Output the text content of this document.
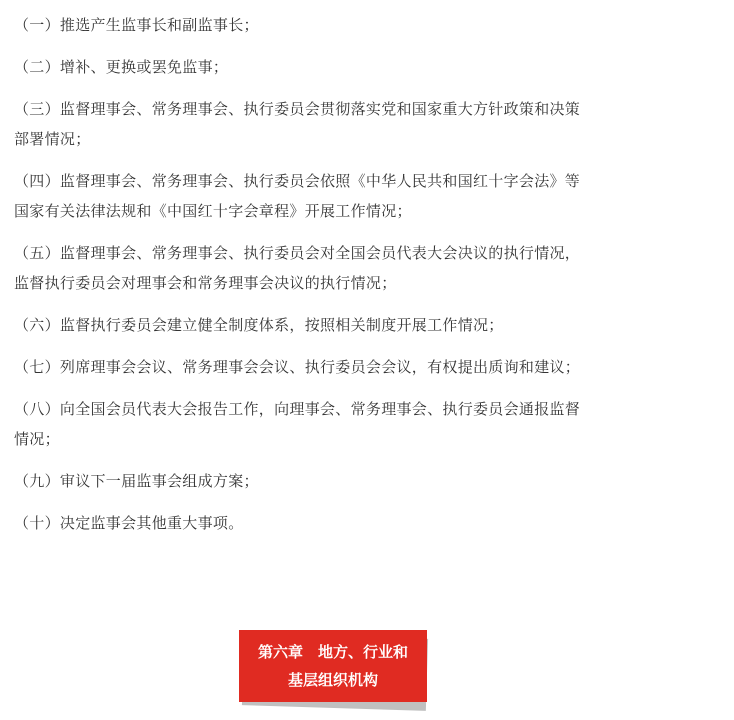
（一）推选产生监事长和副监事长；

（二）增补、更换或罢免监事；

（三）监督理事会、常务理事会、执行委员会贯彻落实党和国家重大方针政策和决策
部署情况；

（四）监督理事会、常务理事会、执行委员会依照《中华人民共和国红十字会法》等
国家有关法律法规和《中国红十字会章程》开展工作情况；

（五）监督理事会、常务理事会、执行委员会对全国会员代表大会决议的执行情况，
监督执行委员会对理事会和常务理事会决议的执行情况；

（六）监督执行委员会建立健全制度体系，按照相关制度开展工作情况；

（七）列席理事会会议、常务理事会会议、执行委员会会议，有权提出质询和建议；

（八）向全国会员代表大会报告工作，向理事会、常务理事会、执行委员会通报监督
情况；

（九）审议下一届监事会组成方案；

（十）决定监事会其他重大事项。

第六章　地方、行业和
基层组织机构
